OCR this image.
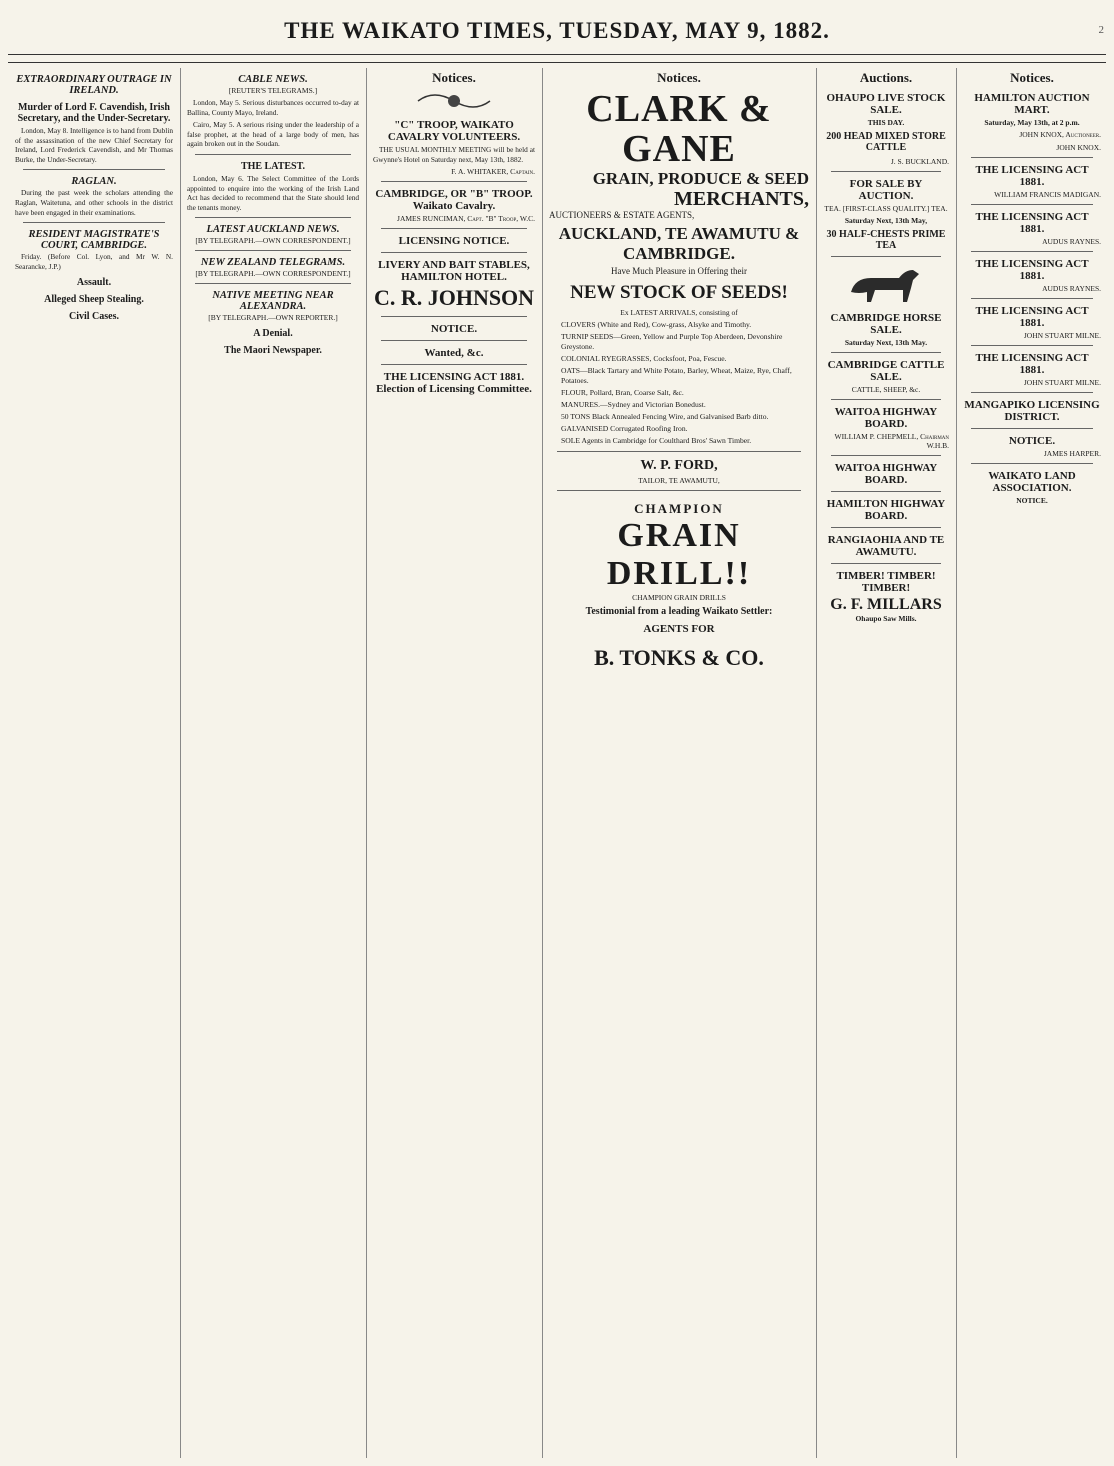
THE WAIKATO TIMES, TUESDAY, MAY 9, 1882.	2
EXTRAORDINARY OUTRAGE IN IRELAND.
Murder of Lord F. Cavendish, Irish Secretary, and the Under-Secretary.

London, May 8. Intelligence is to hand from Dublin of the assassination of the new Chief Secretary for Ireland, Lord Frederick Cavendish, and Mr Thomas Burke, the Under-Secretary.

RAGLAN.

During the past week the scholars attending the Raglan, Waitetuna, and other schools in the district have been engaged in their examinations.

RESIDENT MAGISTRATE'S COURT, CAMBRIDGE.

Friday. (Before Col. Lyon, and Mr W. N. Searancke, J.P.)

Assault.
Alleged Sheep Stealing.
Civil Cases.
CABLE NEWS.
[REUTER'S TELEGRAMS.]

London, May 5. Serious disturbances occurred to-day at Ballina, County Mayo, Ireland.

Cairo, May 5. A serious rising under the leadership of a false prophet, at the head of a large body of men, has again broken out in the Soudan.

THE LATEST.

London, May 6. The Select Committee of the Lords appointed to enquire into the working of the Irish Land Act has decided to recommend that the State should lend the tenants money.

LATEST AUCKLAND NEWS.
[BY TELEGRAPH.—OWN CORRESPONDENT.]
NEW ZEALAND TELEGRAMS.
[BY TELEGRAPH.—OWN CORRESPONDENT.]
NATIVE MEETING NEAR ALEXANDRA.
[BY TELEGRAPH.—OWN REPORTER.]
A Denial.
The Maori Newspaper.
Notices.
"C" TROOP, WAIKATO CAVALRY VOLUNTEERS.

THE USUAL MONTHLY MEETING will be held at Gwynne's Hotel on Saturday next, May 13th, 1882.

F. A. WHITAKER, Captain.
CAMBRIDGE, OR "B" TROOP. Waikato Cavalry.
JAMES RUNCIMAN, Capt. "B" Troop, W.C.
LICENSING NOTICE.
LIVERY AND BAIT STABLES, HAMILTON HOTEL.
C. R. JOHNSON
NOTICE.
Wanted, &c.
THE LICENSING ACT 1881. Election of Licensing Committee.
Notices.
CLARK & GANE
GRAIN, PRODUCE & SEED
MERCHANTS,
AUCTIONEERS & ESTATE AGENTS,
AUCKLAND, TE AWAMUTU & CAMBRIDGE.
Have Much Pleasure in Offering their
NEW STOCK OF SEEDS!
Ex LATEST ARRIVALS, consisting of
CLOVERS (White and Red), Cow-grass, Alsyke and Timothy.
TURNIP SEEDS—Green, Yellow and Purple Top Aberdeen, Devonshire Greystone.
COLONIAL RYEGRASSES, Cocksfoot, Poa, Fescue.
OATS—Black Tartary and White Potato, Barley, Wheat, Maize, Rye, Chaff, Potatoes.
FLOUR, Pollard, Bran, Coarse Salt, &c.
MANURES.—Sydney and Victorian Bonedust.
50 TONS Black Annealed Fencing Wire, and Galvanised Barb ditto.
GALVANISED Corrugated Roofing Iron.
SOLE Agents in Cambridge for Coulthard Bros' Sawn Timber.
W. P. FORD,
TAILOR, TE AWAMUTU,
CHAMPION
GRAIN DRILL!!
CHAMPION GRAIN DRILLS
Testimonial from a leading Waikato Settler:
AGENTS FOR
B. TONKS & CO.
Auctions.
OHAUPO LIVE STOCK SALE.
THIS DAY.
200 HEAD MIXED STORE CATTLE
J. S. BUCKLAND.
FOR SALE BY AUCTION.
TEA. [FIRST-CLASS QUALITY.] TEA.
Saturday Next, 13th May,
30 HALF-CHESTS PRIME TEA
CAMBRIDGE HORSE SALE.
Saturday Next, 13th May.
CAMBRIDGE CATTLE SALE.
CATTLE, SHEEP, &c.
WAITOA HIGHWAY BOARD.
WILLIAM P. CHEPMELL, Chairman W.H.B.
WAITOA HIGHWAY BOARD.
HAMILTON HIGHWAY BOARD.
RANGIAOHIA AND TE AWAMUTU.
TIMBER! TIMBER! TIMBER!
G. F. MILLARS
Ohaupo Saw Mills.
Notices.
HAMILTON AUCTION MART.
Saturday, May 13th, at 2 p.m.
JOHN KNOX, Auctioneer.
JOHN KNOX.
THE LICENSING ACT 1881.
WILLIAM FRANCIS MADIGAN.
THE LICENSING ACT 1881.
AUDUS RAYNES.
THE LICENSING ACT 1881.
AUDUS RAYNES.
THE LICENSING ACT 1881.
JOHN STUART MILNE.
THE LICENSING ACT 1881.
JOHN STUART MILNE.
MANGAPIKO LICENSING DISTRICT.
NOTICE.
JAMES HARPER.
WAIKATO LAND ASSOCIATION.
NOTICE.
